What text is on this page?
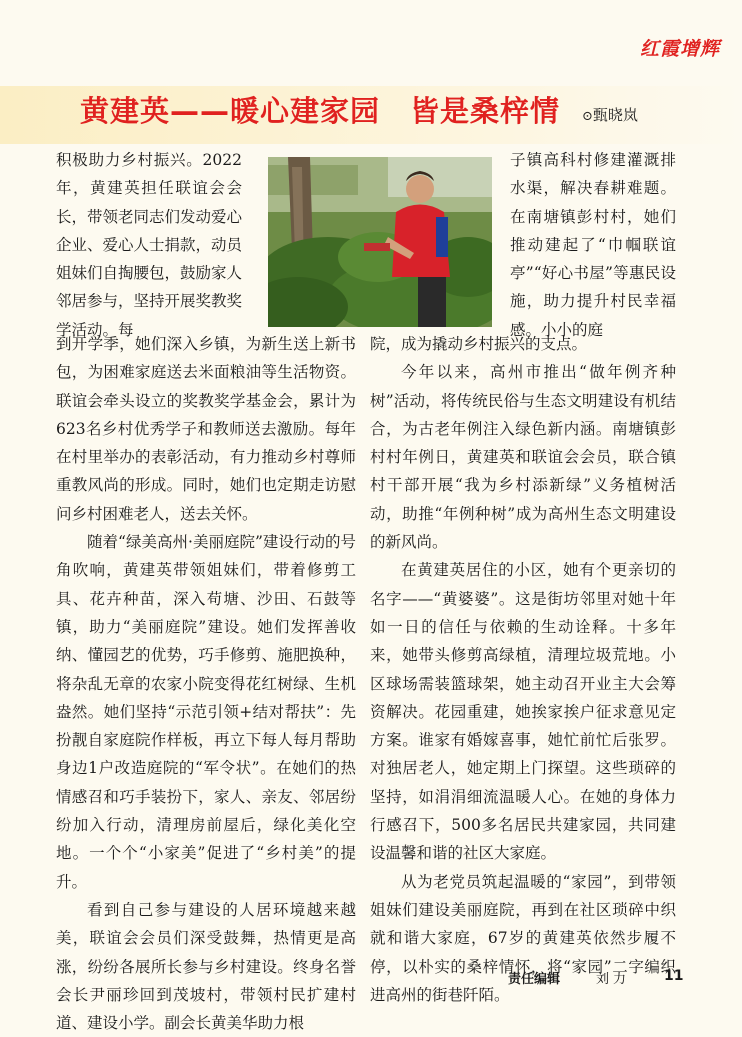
红霞增辉
黄建英——暖心建家园　皆是桑梓情 ⊙甄晓岚

积极助力乡村振兴。2022年，黄建英担任联谊会会长，带领老同志们发动爱心企业、爱心人士捐款，动员姐妹们自掏腰包，鼓励家人邻居参与，坚持开展奖教奖学活动。每

到开学季，她们深入乡镇，为新生送上新书包，为困难家庭送去米面粮油等生活物资。联谊会牵头设立的奖教奖学基金会，累计为623名乡村优秀学子和教师送去激励。每年在村里举办的表彰活动，有力推动乡村尊师重教风尚的形成。同时，她们也定期走访慰问乡村困难老人，送去关怀。

随着“绿美高州·美丽庭院”建设行动的号角吹响，黄建英带领姐妹们，带着修剪工具、花卉种苗，深入苟塘、沙田、石鼓等镇，助力“美丽庭院”建设。她们发挥善收纳、懂园艺的优势，巧手修剪、施肥换种，将杂乱无章的农家小院变得花红树绿、生机盎然。她们坚持“示范引领+结对帮扶”：先扮靓自家庭院作样板，再立下每人每月帮助身边1户改造庭院的“军令状”。在她们的热情感召和巧手装扮下，家人、亲友、邻居纷纷加入行动，清理房前屋后，绿化美化空地。一个个“小家美”促进了“乡村美”的提升。

看到自己参与建设的人居环境越来越美，联谊会会员们深受鼓舞，热情更是高涨，纷纷各展所长参与乡村建设。终身名誉会长尹丽珍回到茂坡村，带领村民扩建村道、建设小学。副会长黄美华助力根

子镇高科村修建灌溉排水渠，解决春耕难题。在南塘镇彭村村，她们推动建起了“巾帼联谊亭”“好心书屋”等惠民设施，助力提升村民幸福感。小小的庭

院，成为撬动乡村振兴的支点。

今年以来，高州市推出“做年例齐种树”活动，将传统民俗与生态文明建设有机结合，为古老年例注入绿色新内涵。南塘镇彭村村年例日，黄建英和联谊会会员，联合镇村干部开展“我为乡村添新绿”义务植树活动，助推“年例种树”成为高州生态文明建设的新风尚。

在黄建英居住的小区，她有个更亲切的名字——“黄婆婆”。这是街坊邻里对她十年如一日的信任与依赖的生动诠释。十多年来，她带头修剪高绿植，清理垃圾荒地。小区球场需装篮球架，她主动召开业主大会筹资解决。花园重建，她挨家挨户征求意见定方案。谁家有婚嫁喜事，她忙前忙后张罗。对独居老人，她定期上门探望。这些琐碎的坚持，如涓涓细流温暖人心。在她的身体力行感召下，500多名居民共建家园，共同建设温馨和谐的社区大家庭。

从为老党员筑起温暖的“家园”，到带领姐妹们建设美丽庭院，再到在社区琐碎中织就和谐大家庭，67岁的黄建英依然步履不停，以朴实的桑梓情怀，将“家园”二字编织进高州的街巷阡陌。

责任编辑	刘力 11
